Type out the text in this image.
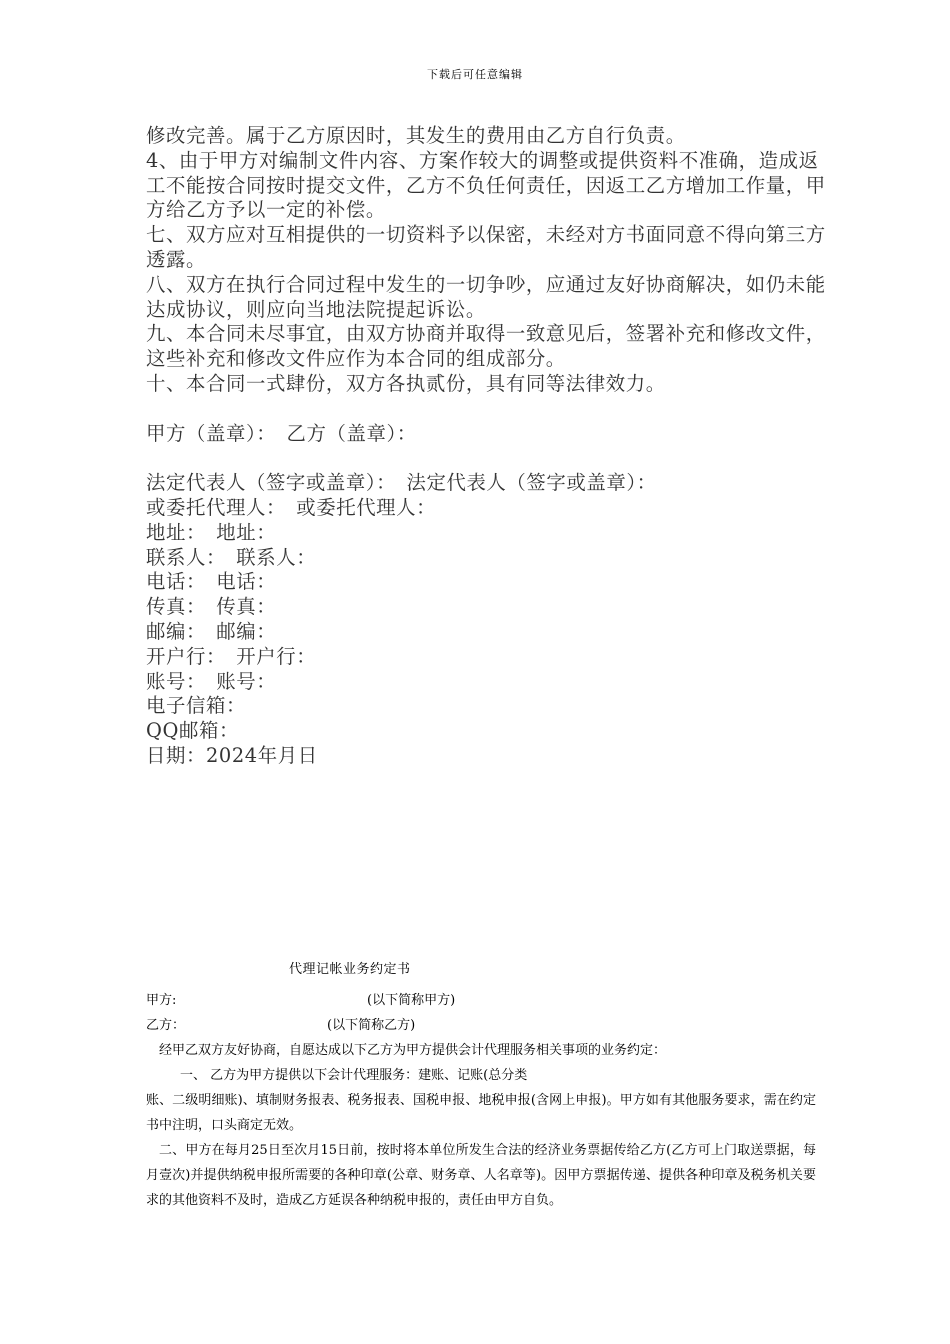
下载后可任意编辑

修改完善。属于乙方原因时，其发生的费用由乙方自行负责。

4、由于甲方对编制文件内容、方案作较大的调整或提供资料不准确，造成返工不能按合同按时提交文件，乙方不负任何责任，因返工乙方增加工作量，甲方给乙方予以一定的补偿。

七、双方应对互相提供的一切资料予以保密，未经对方书面同意不得向第三方透露。

八、双方在执行合同过程中发生的一切争吵，应通过友好协商解决，如仍未能达成协议，则应向当地法院提起诉讼。

九、本合同未尽事宜，由双方协商并取得一致意见后，签署补充和修改文件，这些补充和修改文件应作为本合同的组成部分。

十、本合同一式肆份，双方各执贰份，具有同等法律效力。

甲方（盖章）：　乙方（盖章）：

法定代表人（签字或盖章）：　法定代表人（签字或盖章）：

或委托代理人：　或委托代理人：

地址：　地址：

联系人：　联系人：

电话：　电话：

传真：　传真：

邮编：　邮编：

开户行：　开户行：

账号：　账号：

电子信箱：

QQ邮箱：

日期：2024年月日

代理记帐业务约定书
甲方:	(以下简称甲方)
乙方：	(以下简称乙方)

经甲乙双方友好协商，自愿达成以下乙方为甲方提供会计代理服务相关事项的业务约定：

一、 乙方为甲方提供以下会计代理服务：建账、记账(总分类

账、二级明细账)、填制财务报表、税务报表、国税申报、地税申报(含网上申报)。甲方如有其他服务要求，需在约定书中注明，口头商定无效。

二、甲方在每月25日至次月15日前，按时将本单位所发生合法的经济业务票据传给乙方(乙方可上门取送票据，每月壹次)并提供纳税申报所需要的各种印章(公章、财务章、人名章等)。因甲方票据传递、提供各种印章及税务机关要求的其他资料不及时，造成乙方延误各种纳税申报的，责任由甲方自负。
